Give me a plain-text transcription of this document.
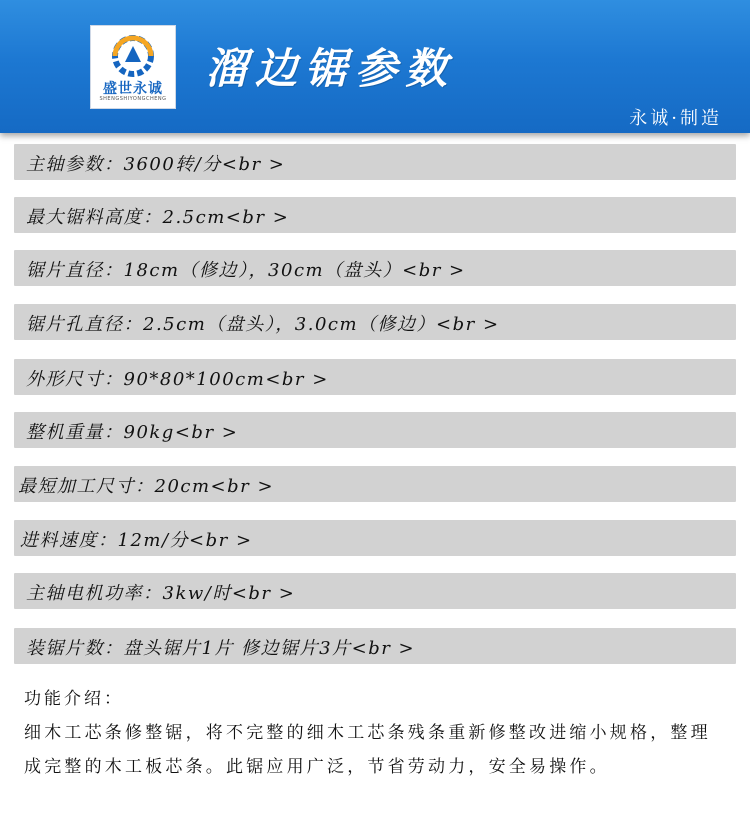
盛世永诚
SHENGSHIYONGCHENG
溜边锯参数
永诚·制造
主轴参数：3600转/分<br >
最大锯料高度：2.5cm<br >
锯片直径：18cm（修边），30cm（盘头）<br >
锯片孔直径：2.5cm（盘头），3.0cm（修边）<br >
外形尺寸：90*80*100cm<br >
整机重量：90kg<br >
最短加工尺寸：20cm<br >
进料速度：12m/分<br >
主轴电机功率：3kw/时<br >
装锯片数：盘头锯片1片 修边锯片3片<br >
功能介绍：
细木工芯条修整锯，将不完整的细木工芯条残条重新修整改进缩小规格，整理成完整的木工板芯条。此锯应用广泛，节省劳动力，安全易操作。
